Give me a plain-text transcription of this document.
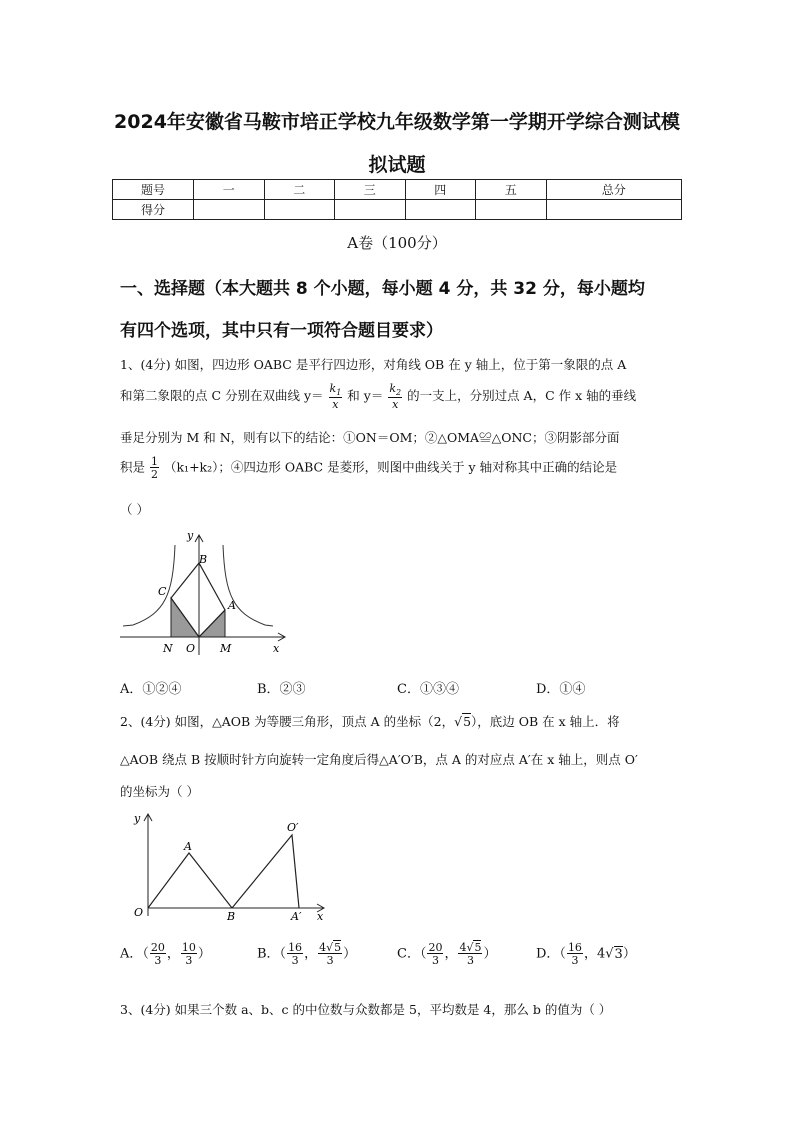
2024年安徽省马鞍市培正学校九年级数学第一学期开学综合测试模
拟试题
题号	一	二	三	四	五	总分
得分						
A卷（100分）
一、选择题（本大题共 8 个小题，每小题 4 分，共 32 分，每小题均
有四个选项，其中只有一项符合题目要求）
1、(4分) 如图，四边形 OABC 是平行四边形，对角线 OB 在 y 轴上，位于第一象限的点 A
和第二象限的点 C 分别在双曲线 $y= \frac{k_1}{x}$ 和 $y= \frac{k_2}{x}$ 的一支上，分别过点 A，C 作 x 轴的垂线
垂足分别为 M 和 N，则有以下的结论：①ON＝OM；②△OMA≌△ONC；③阴影部分面
积是 $\frac{1}{2} (k_1+k_2)$；④四边形 OABC 是菱形，则图中曲线关于 y 轴对称其中正确的结论是
（ ）
y
B
C
A
N O M	x
A．①②④	B．②③	C．①③④	D．①④
2、(4分) 如图，△AOB 为等腰三角形，顶点 A 的坐标（2，√5），底边 OB 在 x 轴上．将
△AOB 绕点 B 按顺时针方向旋转一定角度后得△A′O′B，点 A 的对应点 A′在 x 轴上，则点 O′
的坐标为（ ）
y
O′
A
O	B	A′ x
A．（ $\frac{20}{3}$ ， $\frac{10}{3}$ ）	B．（ $\frac{16}{3}$ ， $\frac{4√5}{3}$ ）	C．（ $\frac{20}{3}$ ， $\frac{4√5}{3}$ ）	D．（ $\frac{16}{3}$ ，4√3）
3、(4分) 如果三个数 a、b、c 的中位数与众数都是 5，平均数是 4，那么 b 的值为（ ）
